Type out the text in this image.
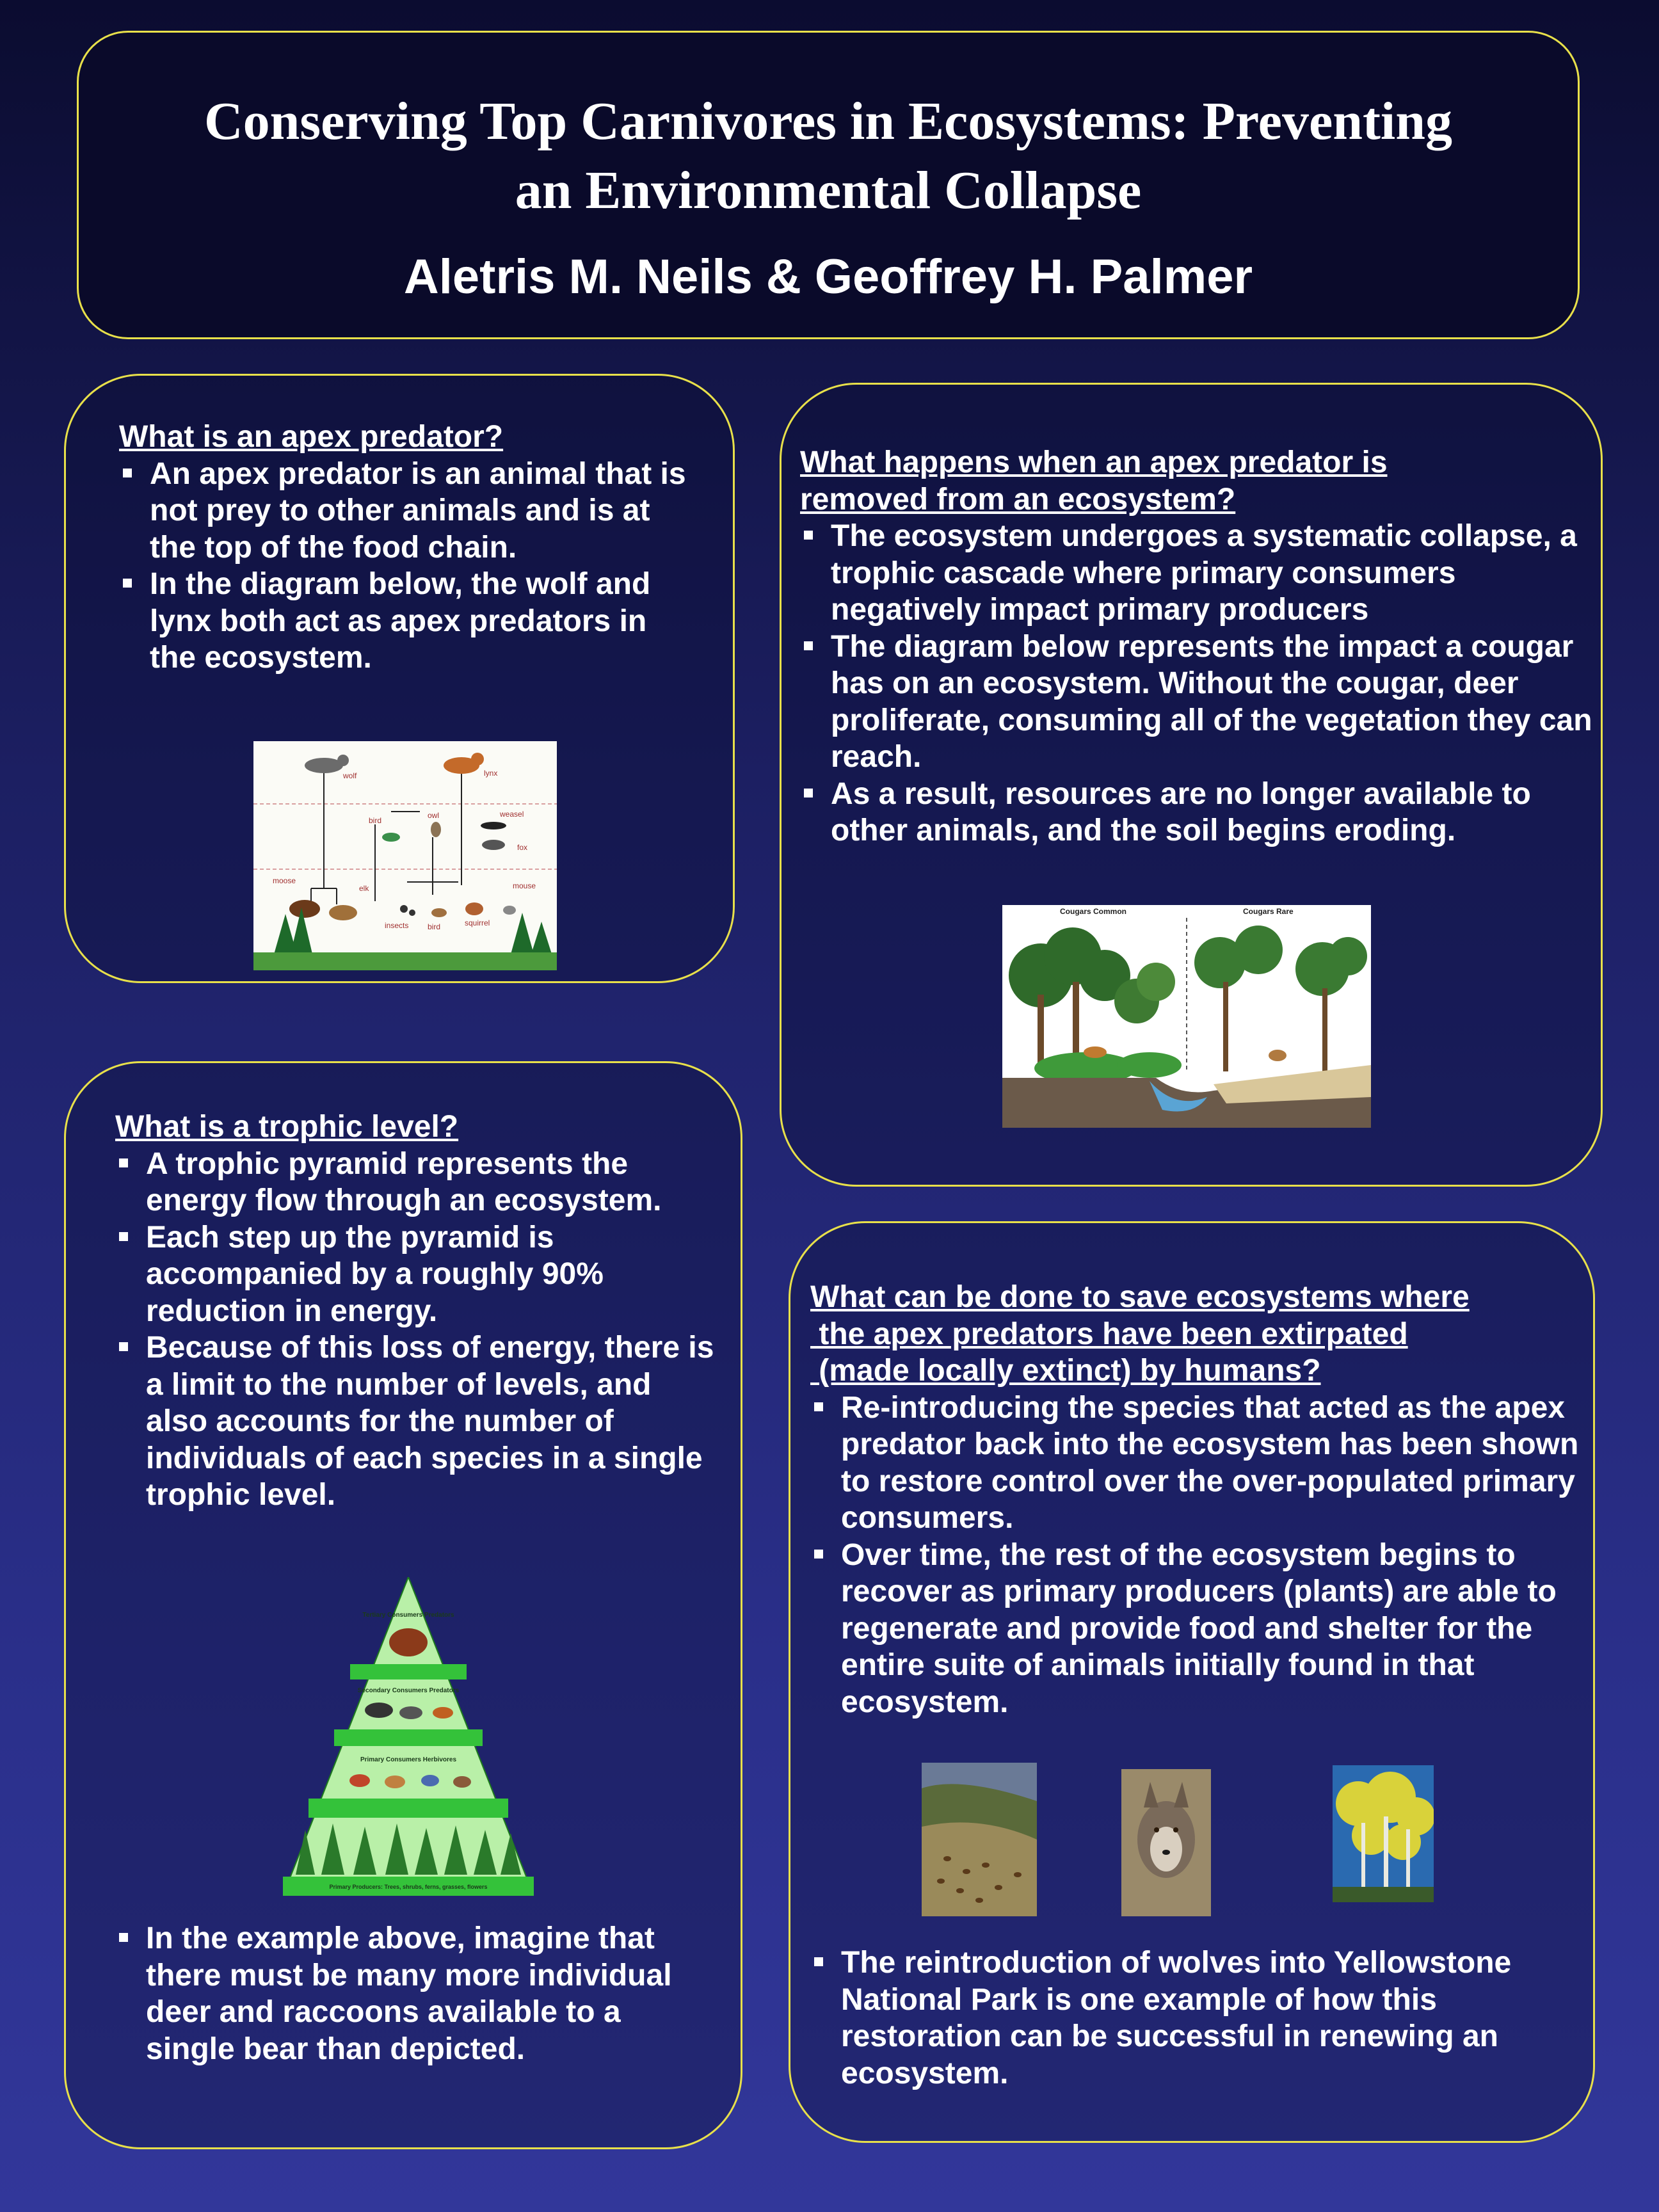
Conserving Top Carnivores in Ecosystems: Preventing
an Environmental Collapse
Aletris M. Neils & Geoffrey H. Palmer
What is an apex predator?
An apex predator is an animal that is not prey to other animals and is at the top of the food chain.
In the diagram below, the wolf and lynx both act as apex predators in the ecosystem.
wolf	lynx
bird
owl	weasel
fox
moose
elk
insects bird	squirrel
mouse
What happens when an apex predator is
removed from an ecosystem?
The ecosystem undergoes a systematic collapse, a trophic cascade where primary consumers negatively impact primary producers
The diagram below represents the impact a cougar has on an ecosystem. Without the cougar, deer proliferate, consuming all of the vegetation they can reach.
As a result, resources are no longer available to other animals, and the soil begins eroding.
Cougars Common	Cougars Rare
What is a trophic level?
A trophic pyramid represents the energy flow through an ecosystem.
Each step up the pyramid is accompanied by a roughly 90% reduction in energy.
Because of this loss of energy, there is a limit to the number of levels, and also accounts for the number of individuals of each species in a single trophic level.
Tertiary Consumers Predators
Secondary Consumers Predators
Primary Consumers Herbivores
Primary Producers: Trees, shrubs, ferns, grasses, flowers
In the example above, imagine that there must be many more individual deer and raccoons available to a single bear than depicted.
What can be done to save ecosystems where
the apex predators have been extirpated
(made locally extinct) by humans?
Re-introducing the species that acted as the apex predator back into the ecosystem has been shown to restore control over the over-populated primary consumers.
Over time, the rest of the ecosystem begins to recover as primary producers (plants) are able to regenerate and provide food and shelter for the entire suite of animals initially found in that ecosystem.
The reintroduction of wolves into Yellowstone National Park is one example of how this restoration can be successful in renewing an ecosystem.
